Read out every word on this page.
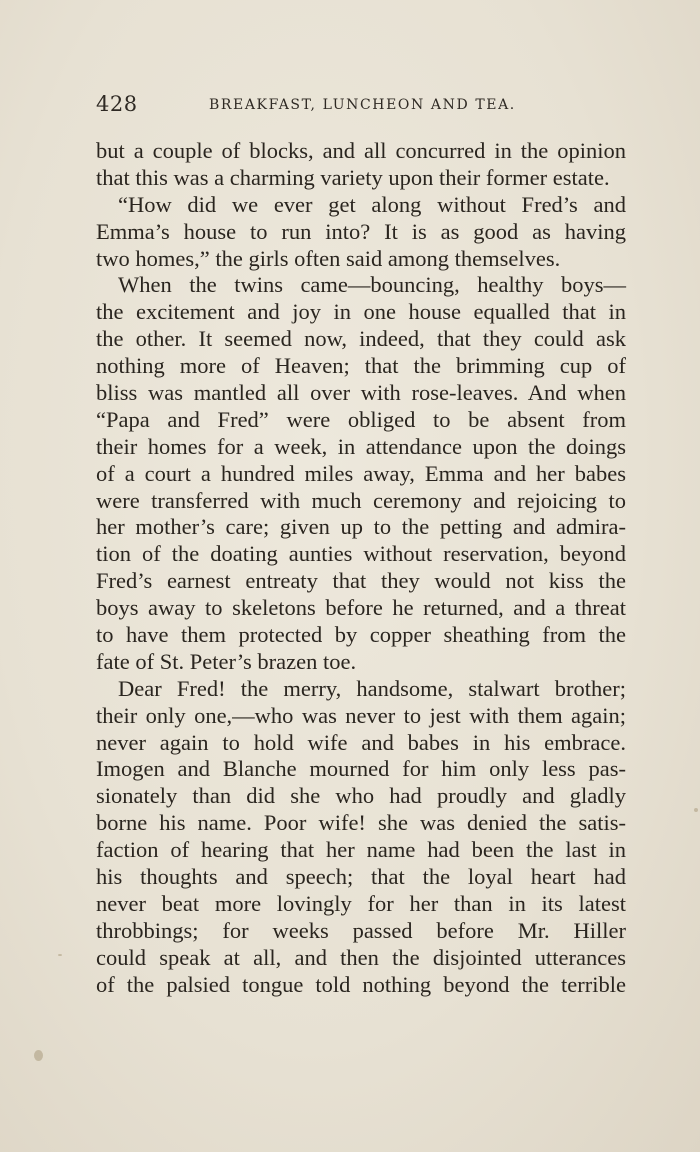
428	BREAKFAST, LUNCHEON AND TEA.
but a couple of blocks, and all concurred in the opinion
that this was a charming variety upon their former estate.
“How did we ever get along without Fred’s and
Emma’s house to run into? It is as good as having
two homes,” the girls often said among themselves.
When the twins came—bouncing, healthy boys—
the excitement and joy in one house equalled that in
the other. It seemed now, indeed, that they could ask
nothing more of Heaven; that the brimming cup of
bliss was mantled all over with rose-leaves. And when
“Papa and Fred” were obliged to be absent from
their homes for a week, in attendance upon the doings
of a court a hundred miles away, Emma and her babes
were transferred with much ceremony and rejoicing to
her mother’s care; given up to the petting and admira-
tion of the doating aunties without reservation, beyond
Fred’s earnest entreaty that they would not kiss the
boys away to skeletons before he returned, and a threat
to have them protected by copper sheathing from the
fate of St. Peter’s brazen toe.
Dear Fred! the merry, handsome, stalwart brother;
their only one,—who was never to jest with them again;
never again to hold wife and babes in his embrace.
Imogen and Blanche mourned for him only less pas-
sionately than did she who had proudly and gladly
borne his name. Poor wife! she was denied the satis-
faction of hearing that her name had been the last in
his thoughts and speech; that the loyal heart had
never beat more lovingly for her than in its latest
throbbings; for weeks passed before Mr. Hiller
could speak at all, and then the disjointed utterances
of the palsied tongue told nothing beyond the terrible
